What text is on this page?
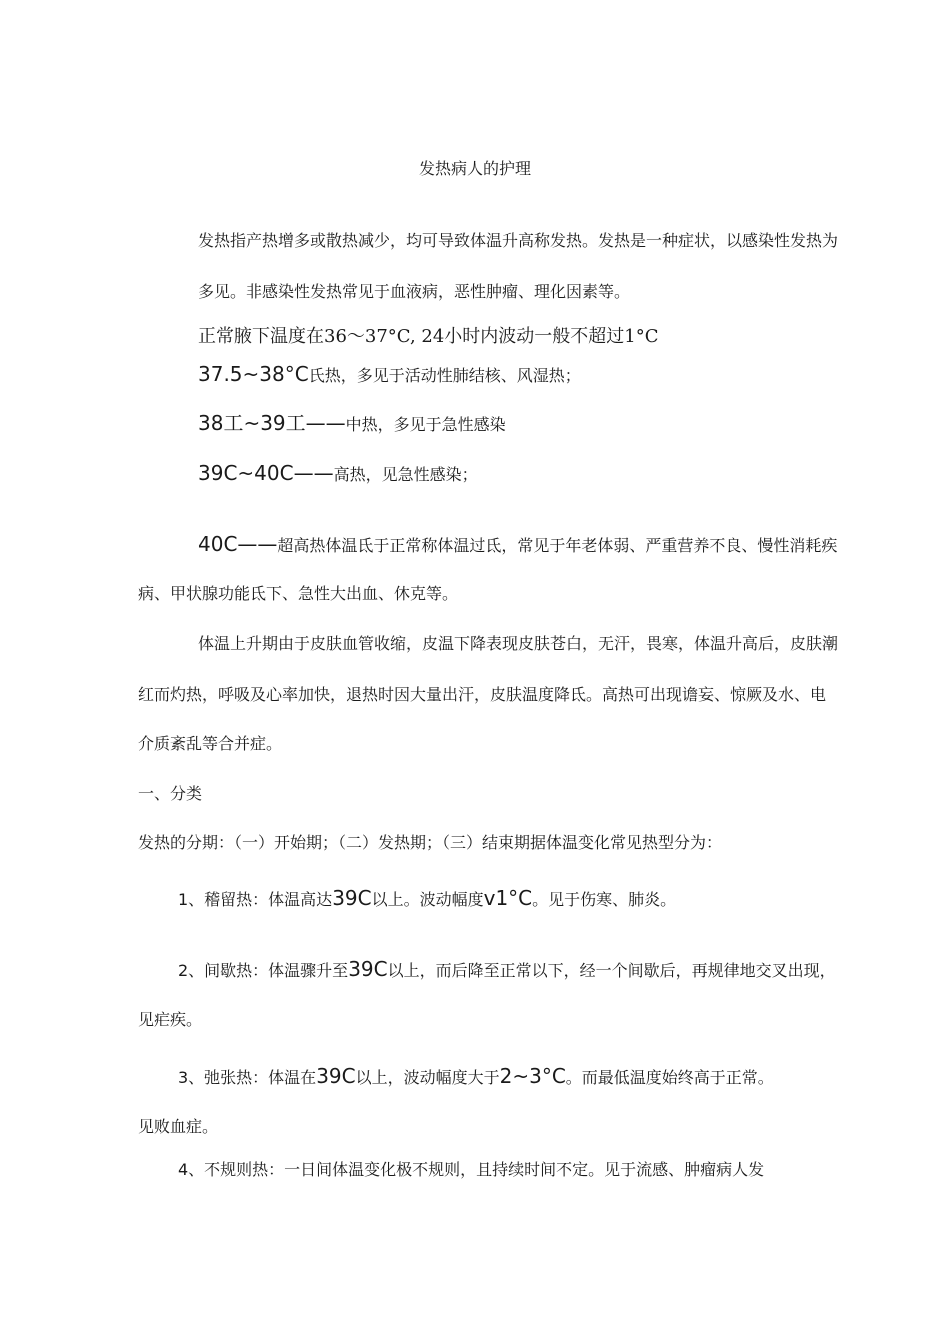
发热病人的护理
发热指产热增多或散热减少，均可导致体温升高称发热。发热是一种症状，以感染性发热为
多见。非感染性发热常见于血液病，恶性肿瘤、理化因素等。
正常腋下温度在36〜37°C, 24小时内波动一般不超过1°C
37.5~38°C氏热，多见于活动性肺结核、风湿热；
38工~39工——中热，多见于急性感染
39C~40C——高热，见急性感染；
40C——超高热体温氐于正常称体温过氐，常见于年老体弱、严重营养不良、慢性消耗疾
病、甲状腺功能氐下、急性大出血、休克等。
体温上升期由于皮肤血管收缩，皮温下降表现皮肤苍白，无汗，畏寒，体温升高后，皮肤潮
红而灼热，呼吸及心率加快，退热时因大量出汗，皮肤温度降氐。高热可出现谵妄、惊厥及水、电
介质紊乱等合并症。
一、分类
发热的分期：（一）开始期；（二）发热期；（三）结束期据体温变化常见热型分为：
1、稽留热：体温高达39C以上。波动幅度v1°C。见于伤寒、肺炎。
2、间歇热：体温骤升至39C以上，而后降至正常以下，经一个间歇后，再规律地交叉出现，
见疟疾。
3、弛张热：体温在39C以上，波动幅度大于2~3°C。而最低温度始终高于正常。
见败血症。
4、不规则热：一日间体温变化极不规则，且持续时间不定。见于流感、肿瘤病人发
